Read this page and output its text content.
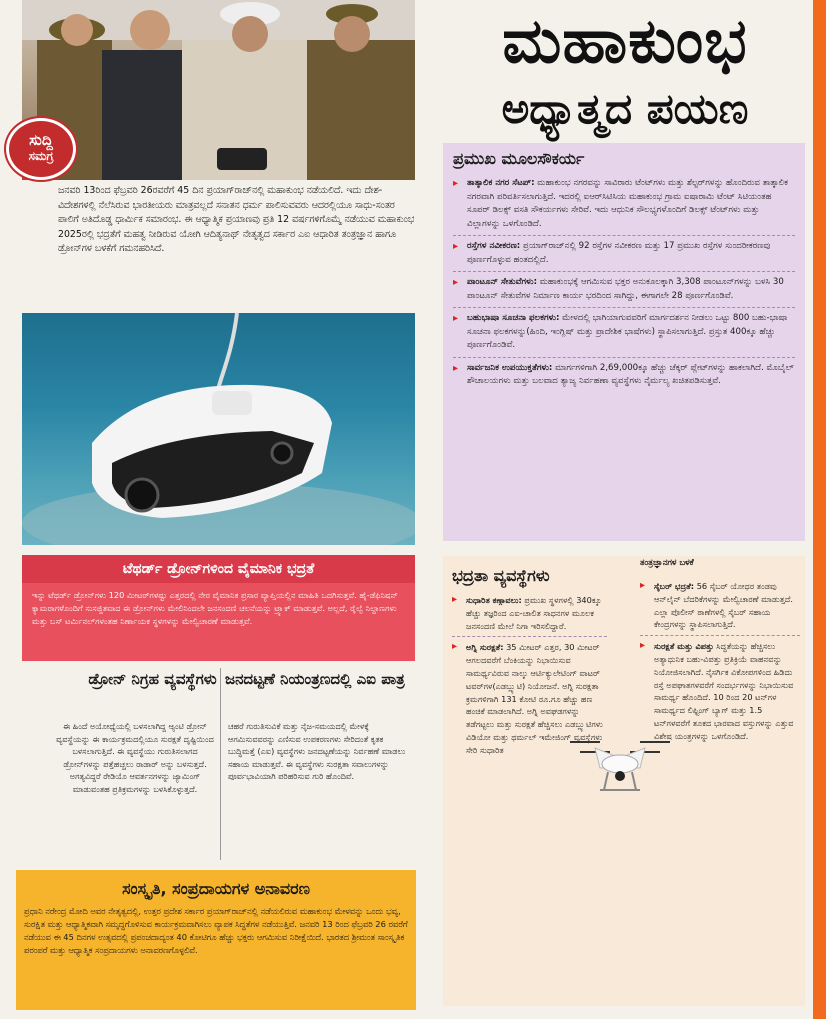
ಸುದ್ದಿ
ಸಮಗ್ರ
ಜನವರಿ 13ರಿಂದ ಫೆಬ್ರವರಿ 26ರವರೆಗೆ 45 ದಿನ ಪ್ರಯಾಗ್‌ರಾಜ್‌ನಲ್ಲಿ ಮಹಾಕುಂಭ ನಡೆಯಲಿದೆ. ಇದು ದೇಶ-ವಿದೇಶಗಳಲ್ಲಿ ನೆಲೆಸಿರುವ ಭಾರತೀಯರು ಮಾತ್ರವಲ್ಲದೆ ಸನಾತನ ಧರ್ಮ ಪಾಲಿಸುವವರು ಆದರಲ್ಲಿಯೂ ಸಾಧು-ಸಂತರ ಪಾಲಿಗೆ ಅತಿದೊಡ್ಡ ಧಾರ್ಮಿಕ ಸಮಾರಂಭ. ಈ ಆಧ್ಯಾತ್ಮಿಕ ಪ್ರಯಾಣವು ಪ್ರತಿ 12 ವರ್ಷಗಳಿಗೊಮ್ಮೆ ನಡೆಯುವ ಮಹಾಕುಂಭ 2025ರಲ್ಲಿ ಭದ್ರತೆಗೆ ಮಹತ್ವ ನೀಡಿರುವ ಯೋಗಿ ಆದಿತ್ಯನಾಥ್ ನೇತೃತ್ವದ ಸರ್ಕಾರ ಎಐ ಆಧಾರಿತ ತಂತ್ರಜ್ಞಾನ ಹಾಗೂ ಡ್ರೋನ್‌ಗಳ ಬಳಕೆಗೆ ಗಮನಹರಿಸಿದೆ.
ಟೆಥರ್ಡ್ ಡ್ರೋನ್‌ಗಳಿಂದ ವೈಮಾನಿಕ ಭದ್ರತೆ
ಇನ್ನು ಟೆಥರ್ಡ್ ಡ್ರೋನ್‌ಗಳು 120 ಮೀಟರ್‌ಗಳಷ್ಟು ಎತ್ತರದಲ್ಲಿ ನೇರ ವೈಮಾನಿಕ ಪ್ರಸಾರ ವ್ಯಾಪ್ತಿಯಲ್ಲಿನ ಮಾಹಿತಿ ಒದಗಿಸುತ್ತವೆ. ಹೈ-ಡೆಫಿನಿಷನ್ ಕ್ಯಾಮರಾಗಳೊಂದಿಗೆ ಸುಸಜ್ಜಿತವಾದ ಈ ಡ್ರೋನ್‌ಗಳು ಮೇಲಿನಿಂದಲೇ ಜನಸಂದಣಿ ಚಲನೆಯನ್ನು ಟ್ರ್ಯಾಕ್ ಮಾಡುತ್ತವೆ. ಅಲ್ಲದೆ, ರೈಲ್ವೆ ನಿಲ್ದಾಣಗಳು ಮತ್ತು ಬಸ್ ಟರ್ಮಿನಲ್‌ಗಳಂತಹ ನಿರ್ಣಾಯಕ ಸ್ಥಳಗಳನ್ನು ಮೇಲ್ವಿಚಾರಣೆ ಮಾಡುತ್ತವೆ.
ಡ್ರೋನ್ ನಿಗ್ರಹ ವ್ಯವಸ್ಥೆಗಳು
ಈ ಹಿಂದೆ ಅಯೋಧ್ಯೆಯಲ್ಲಿ ಬಳಸಲಾಗಿದ್ದ ಆ್ಯಂಟಿ ಡ್ರೋನ್ ವ್ಯವಸ್ಥೆಯನ್ನು ಈ ಕಾರ್ಯಕ್ರಮದಲ್ಲಿಯೂ ಸುರಕ್ಷತೆ ದೃಷ್ಟಿಯಿಂದ ಬಳಸಲಾಗುತ್ತಿದೆ. ಈ ವ್ಯವಸ್ಥೆಯು ಗುರುತಿಸಲಾಗದ ಡ್ರೋನ್‌ಗಳನ್ನು ಪತ್ತೆಹಚ್ಚಲು ರಾಡಾರ್ ಅನ್ನು ಬಳಸುತ್ತದೆ. ಅಗತ್ಯವಿದ್ದರೆ ರೇಡಿಯೊ ಆವರ್ತನಗಳನ್ನು ಜ್ಯಾಮಿಂಗ್ ಮಾಡುವಂತಹ ಪ್ರತಿಕ್ರಮಗಳನ್ನು ಬಳಸಿಕೊಳ್ಳುತ್ತದೆ.
ಜನದಟ್ಟಣೆ ನಿಯಂತ್ರಣದಲ್ಲಿ ಎಐ ಪಾತ್ರ
ಚಹರೆ ಗುರುತಿಸುವಿಕೆ ಮತ್ತು ನೈಜ-ಸಮಯದಲ್ಲಿ ಮೇಳಕ್ಕೆ ಆಗಮಿಸುವವರನ್ನು ಎಣಿಸುವ ಉಪಕರಣಗಳು ಸೇರಿದಂತೆ ಕೃತಕ ಬುದ್ಧಿಮತ್ತೆ (ಎಐ) ವ್ಯವಸ್ಥೆಗಳು ಜನದಟ್ಟಣೆಯನ್ನು ನಿರ್ವಹಣೆ ಮಾಡಲು ಸಹಾಯ ಮಾಡುತ್ತವೆ. ಈ ವ್ಯವಸ್ಥೆಗಳು ಸುರಕ್ಷತಾ ಸವಾಲುಗಳನ್ನು ಪೂರ್ವಭಾವಿಯಾಗಿ ಪರಿಹರಿಸುವ ಗುರಿ ಹೊಂದಿವೆ.
ಸಂಸ್ಕೃತಿ, ಸಂಪ್ರದಾಯಗಳ ಅನಾವರಣ
ಪ್ರಧಾನಿ ನರೇಂದ್ರ ಮೋದಿ ಅವರ ನೇತೃತ್ವದಲ್ಲಿ, ಉತ್ತರ ಪ್ರದೇಶ ಸರ್ಕಾರ ಪ್ರಯಾಗ್‌ರಾಜ್‌ನಲ್ಲಿ ನಡೆಯಲಿರುವ ಮಹಾಕುಂಭ ಮೇಳವನ್ನು ಒಂದು ಭವ್ಯ, ಸುರಕ್ಷಿತ ಮತ್ತು ಆಧ್ಯಾತ್ಮಿಕವಾಗಿ ಸಮೃದ್ಧಗೊಳಿಸುವ ಕಾರ್ಯಕ್ರಮವಾಗಿಸಲು ವ್ಯಾಪಕ ಸಿದ್ಧತೆಗಳ ನಡೆಯುತ್ತಿವೆ. ಜನವರಿ 13 ರಿಂದ ಫೆಬ್ರವರಿ 26 ರವರೆಗೆ ನಡೆಯುವ ಈ 45 ದಿನಗಳ ಉತ್ಸವದಲ್ಲಿ ಪ್ರಪಂಚದಾದ್ಯಂತ 40 ಕೋಟಿಗೂ ಹೆಚ್ಚು ಭಕ್ತರು ಆಗಮಿಸುವ ನಿರೀಕ್ಷೆಯಿದೆ. ಭಾರತದ ಶ್ರೀಮಂತ ಸಾಂಸ್ಕೃತಿಕ ಪರಂಪರೆ ಮತ್ತು ಆಧ್ಯಾತ್ಮಿಕ ಸಂಪ್ರದಾಯಗಳು ಅನಾವರಣಗೊಳ್ಳಲಿವೆ.
ಮಹಾಕುಂಭ
ಅಧ್ಯಾತ್ಮದ ಪಯಣ
ಪ್ರಮುಖ ಮೂಲಸೌಕರ್ಯ
▸ ತಾತ್ಕಾಲಿಕ ನಗರ ಸೆಟಪ್: ಮಹಾಕುಂಭ ನಗರವನ್ನು ಸಾವಿರಾರು ಟೆಂಟ್‌ಗಳು ಮತ್ತು ಶೆಲ್ಟರ್‌ಗಳನ್ನು ಹೊಂದಿರುವ ತಾತ್ಕಾಲಿಕ ನಗರವಾಗಿ ಪರಿವರ್ತಿಸಲಾಗುತ್ತಿದೆ. ಇದರಲ್ಲಿ ಐಆರ್‌ಸಿಟಿಸಿಯ ಮಹಾಕುಂಭ ಗ್ರಾಮ ಐಷಾರಾಮಿ ಟೆಂಟ್ ಸಿಟಿಯಂತಹ ಸೂಪರ್ ಡಿಲಕ್ಸ್ ವಸತಿ ಸೌಕರ್ಯಗಳು ಸೇರಿವೆ. ಇದು ಆಧುನಿಕ ಸೌಲಭ್ಯಗಳೊಂದಿಗೆ ಡಿಲಕ್ಸ್ ಟೆಂಟ್‌ಗಳು ಮತ್ತು ವಿಲ್ಲಾಗಳನ್ನು ಒಳಗೊಂಡಿದೆ.
▸ ರಸ್ತೆಗಳ ನವೀಕರಣ: ಪ್ರಯಾಗ್‌ರಾಜ್‌ನಲ್ಲಿ 92 ರಸ್ತೆಗಳ ನವೀಕರಣ ಮತ್ತು 17 ಪ್ರಮುಖ ರಸ್ತೆಗಳ ಸುಂದರೀಕರಣವು ಪೂರ್ಣಗೊಳ್ಳುವ ಹಂತದಲ್ಲಿದೆ.
▸ ಪಾಂಟೂನ್ ಸೇತುವೆಗಳು: ಮಹಾಕುಂಭಕ್ಕೆ ಆಗಮಿಸುವ ಭಕ್ತರ ಅನುಕೂಲಕ್ಕಾಗಿ 3,308 ಪಾಂಟೂನ್‌ಗಳನ್ನು ಬಳಸಿ 30 ಪಾಂಟೂನ್ ಸೇತುವೆಗಳ ನಿರ್ಮಾಣ ಕಾರ್ಯ ಭರದಿಂದ ಸಾಗಿದ್ದು, ಈಗಾಗಲೇ 28 ಪೂರ್ಣಗೊಂಡಿವೆ.
▸ ಬಹುಭಾಷಾ ಸೂಚನಾ ಫಲಕಗಳು: ಮೇಳದಲ್ಲಿ ಭಾಗಿಯಾಗುವವರಿಗೆ ಮಾರ್ಗದರ್ಶನ ನೀಡಲು ಒಟ್ಟು 800 ಬಹು-ಭಾಷಾ ಸೂಚನಾ ಫಲಕಗಳನ್ನು(ಹಿಂದಿ, ಇಂಗ್ಲಿಷ್ ಮತ್ತು ಪ್ರಾದೇಶಿಕ ಭಾಷೆಗಳು) ಸ್ಥಾಪಿಸಲಾಗುತ್ತಿದೆ. ಪ್ರಸ್ತುತ 400ಕ್ಕೂ ಹೆಚ್ಚು ಪೂರ್ಣಗೊಂಡಿವೆ.
▸ ಸಾರ್ವಜನಿಕ ಉಪಯುಕ್ತತೆಗಳು: ಮಾರ್ಗಗಳಿಗಾಗಿ 2,69,000ಕ್ಕೂ ಹೆಚ್ಚು ಚೆಕ್ಕರ್ ಪ್ಲೇಟ್‌ಗಳನ್ನು ಹಾಕಲಾಗಿದೆ. ಮೊಬೈಲ್ ಶೌಚಾಲಯಗಳು ಮತ್ತು ಬಲವಾದ ತ್ಯಾಜ್ಯ ನಿರ್ವಹಣಾ ವ್ಯವಸ್ಥೆಗಳು ನೈರ್ಮಲ್ಯ ಖಚಿತಪಡಿಸುತ್ತವೆ.
ಭದ್ರತಾ ವ್ಯವಸ್ಥೆಗಳು
ತಂತ್ರಜ್ಞಾನಗಳ ಬಳಕೆ
▸ ಸುಧಾರಿತ ಕಣ್ಗಾವಲು: ಪ್ರಮುಖ ಸ್ಥಳಗಳಲ್ಲಿ 340ಕ್ಕೂ ಹೆಚ್ಚು ತಜ್ಞರಿಂದ ಎಐ-ಚಾಲಿತ ಸಾಧನಗಳ ಮೂಲಕ ಜನಸಂದಣಿ ಮೇಲೆ ನಿಗಾ ಇರಿಸಲಿದ್ದಾರೆ.
▸ ಅಗ್ನಿ ಸುರಕ್ಷತೆ: 35 ಮೀಟರ್ ಎತ್ತರ, 30 ಮೀಟರ್ ಆಗಲದವರೆಗೆ ಬೆಂಕಿಯನ್ನು ನಿಭಾಯಿಸುವ ಸಾಮರ್ಥ್ಯವಿರುವ ನಾಲ್ಕು ಆರ್ಟಿಕ್ಯುಲೇಟಿಂಗ್ ವಾಟರ್ ಟವರ್‌ಗಳ(ಎಡಬ್ಲ್ಯುಟಿ) ನಿಯೋಜನೆ. ಅಗ್ನಿ ಸುರಕ್ಷತಾ ಕ್ರಮಗಳಿಗಾಗಿ 131 ಕೋಟಿ ರೂ.ಗೂ ಹೆಚ್ಚು ಹಣ ಹಂಚಿಕೆ ಮಾಡಲಾಗಿದೆ. ಅಗ್ನಿ ಅವಘಡಗಳನ್ನು ತಡೆಗಟ್ಟಲು ಮತ್ತು ಸುರಕ್ಷತೆ ಹೆಚ್ಚಿಸಲು ಎಡಬ್ಲ್ಯುಟಿಗಳು ವಿಡಿಯೋ ಮತ್ತು ಥರ್ಮಲ್ ಇಮೇಜಿಂಗ್ ವ್ಯವಸ್ಥೆಗಳು ಸೇರಿ ಸುಧಾರಿತ
▸ ಸೈಬರ್ ಭದ್ರತೆ: 56 ಸೈಬರ್ ಯೋಧರ ತಂಡವು ಆನ್‌ಲೈನ್ ಬೆದರಿಕೆಗಳನ್ನು ಮೇಲ್ವಿಚಾರಣೆ ಮಾಡುತ್ತದೆ. ಎಲ್ಲಾ ಪೊಲೀಸ್ ಠಾಣೆಗಳಲ್ಲಿ ಸೈಬರ್ ಸಹಾಯ ಕೇಂದ್ರಗಳನ್ನು ಸ್ಥಾಪಿಸಲಾಗುತ್ತಿದೆ.
▸ ಸುರಕ್ಷತೆ ಮತ್ತು ವಿಪತ್ತು ಸಿದ್ಧತೆಯನ್ನು ಹೆಚ್ಚಿಸಲು ಅತ್ಯಾಧುನಿಕ ಬಹು-ವಿಪತ್ತು ಪ್ರತಿಕ್ರಿಯೆ ವಾಹನವನ್ನು ನಿಯೋಜಿಸಲಾಗಿದೆ. ನೈಸರ್ಗಿಕ ವಿಕೋಪಗಳಿಂದ ಹಿಡಿದು ರಸ್ತೆ ಅಪಘಾತಗಳವರೆಗೆ ಸಂದರ್ಭಗಳನ್ನು ನಿಭಾಯಿಸುವ ಸಾಮರ್ಥ್ಯ ಹೊಂದಿದೆ. 10 ರಿಂದ 20 ಟನ್‌ಗಳ ಸಾಮರ್ಥ್ಯದ ಲಿಫ್ಟಿಂಗ್ ಬ್ಯಾಗ್ ಮತ್ತು 1.5 ಟನ್‌ಗಳವರೆಗೆ ತೂಕದ ಭಾರವಾದ ವಸ್ತುಗಳನ್ನು ಎತ್ತುವ ವಿಶೇಷ ಯಂತ್ರಗಳನ್ನು ಒಳಗೊಂಡಿದೆ.
